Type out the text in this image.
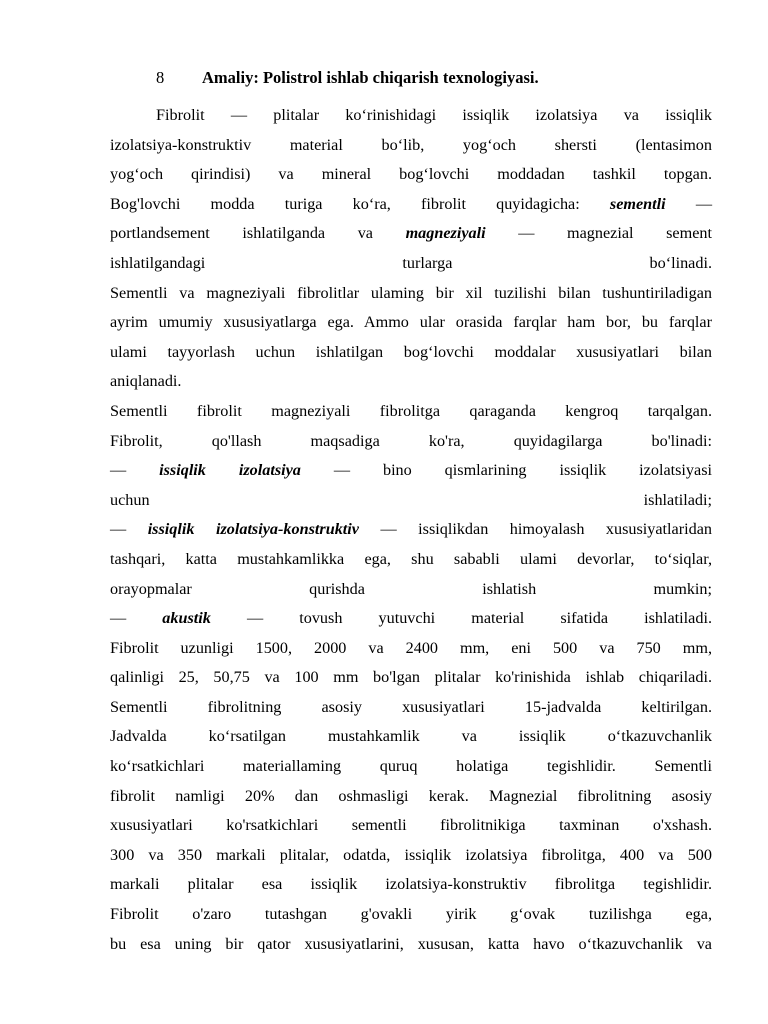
8 Amaliy: Polistrol ishlab chiqarish texnologiyasi.
Fibrolit — plitalar ko‘rinishidagi issiqlik izolatsiya va issiqlik
izolatsiya-konstruktiv material bo‘lib, yog‘och shersti (lentasimon
yog‘och qirindisi) va mineral bog‘lovchi moddadan tashkil topgan.
Bog'lovchi modda turiga ko‘ra, fibrolit quyidagicha: sementli —
portlandsement ishlatilganda va magneziyali — magnezial sement
ishlatilgandagi turlarga bo‘linadi.
Sementli va magneziyali fibrolitlar ulaming bir xil tuzilishi bilan tushuntiriladigan
ayrim umumiy xususiyatlarga ega. Ammo ular orasida farqlar ham bor, bu farqlar
ulami tayyorlash uchun ishlatilgan bog‘lovchi moddalar xususiyatlari bilan
aniqlanadi.
Sementli fibrolit magneziyali fibrolitga qaraganda kengroq tarqalgan.
Fibrolit, qo'llash maqsadiga ko'ra, quyidagilarga bo'linadi:
— issiqlik izolatsiya — bino qismlarining issiqlik izolatsiyasi
uchun ishlatiladi;
— issiqlik izolatsiya-konstruktiv — issiqlikdan himoyalash xususiyatlaridan
tashqari, katta mustahkamlikka ega, shu sababli ulami devorlar, to‘siqlar,
orayopmalar qurishda ishlatish mumkin;
— akustik — tovush yutuvchi material sifatida ishlatiladi.
Fibrolit uzunligi 1500, 2000 va 2400 mm, eni 500 va 750 mm,
qalinligi 25, 50,75 va 100 mm bo'lgan plitalar ko'rinishida ishlab chiqariladi.
Sementli fibrolitning asosiy xususiyatlari 15-jadvalda keltirilgan.
Jadvalda ko‘rsatilgan mustahkamlik va issiqlik o‘tkazuvchanlik
ko‘rsatkichlari materiallaming quruq holatiga tegishlidir. Sementli
fibrolit namligi 20% dan oshmasligi kerak. Magnezial fibrolitning asosiy
xususiyatlari ko'rsatkichlari sementli fibrolitnikiga taxminan o'xshash.
300 va 350 markali plitalar, odatda, issiqlik izolatsiya fibrolitga, 400 va 500
markali plitalar esa issiqlik izolatsiya-konstruktiv fibrolitga tegishlidir.
Fibrolit o'zaro tutashgan g'ovakli yirik g‘ovak tuzilishga ega,
bu esa uning bir qator xususiyatlarini, xususan, katta havo o‘tkazuvchanlik va
